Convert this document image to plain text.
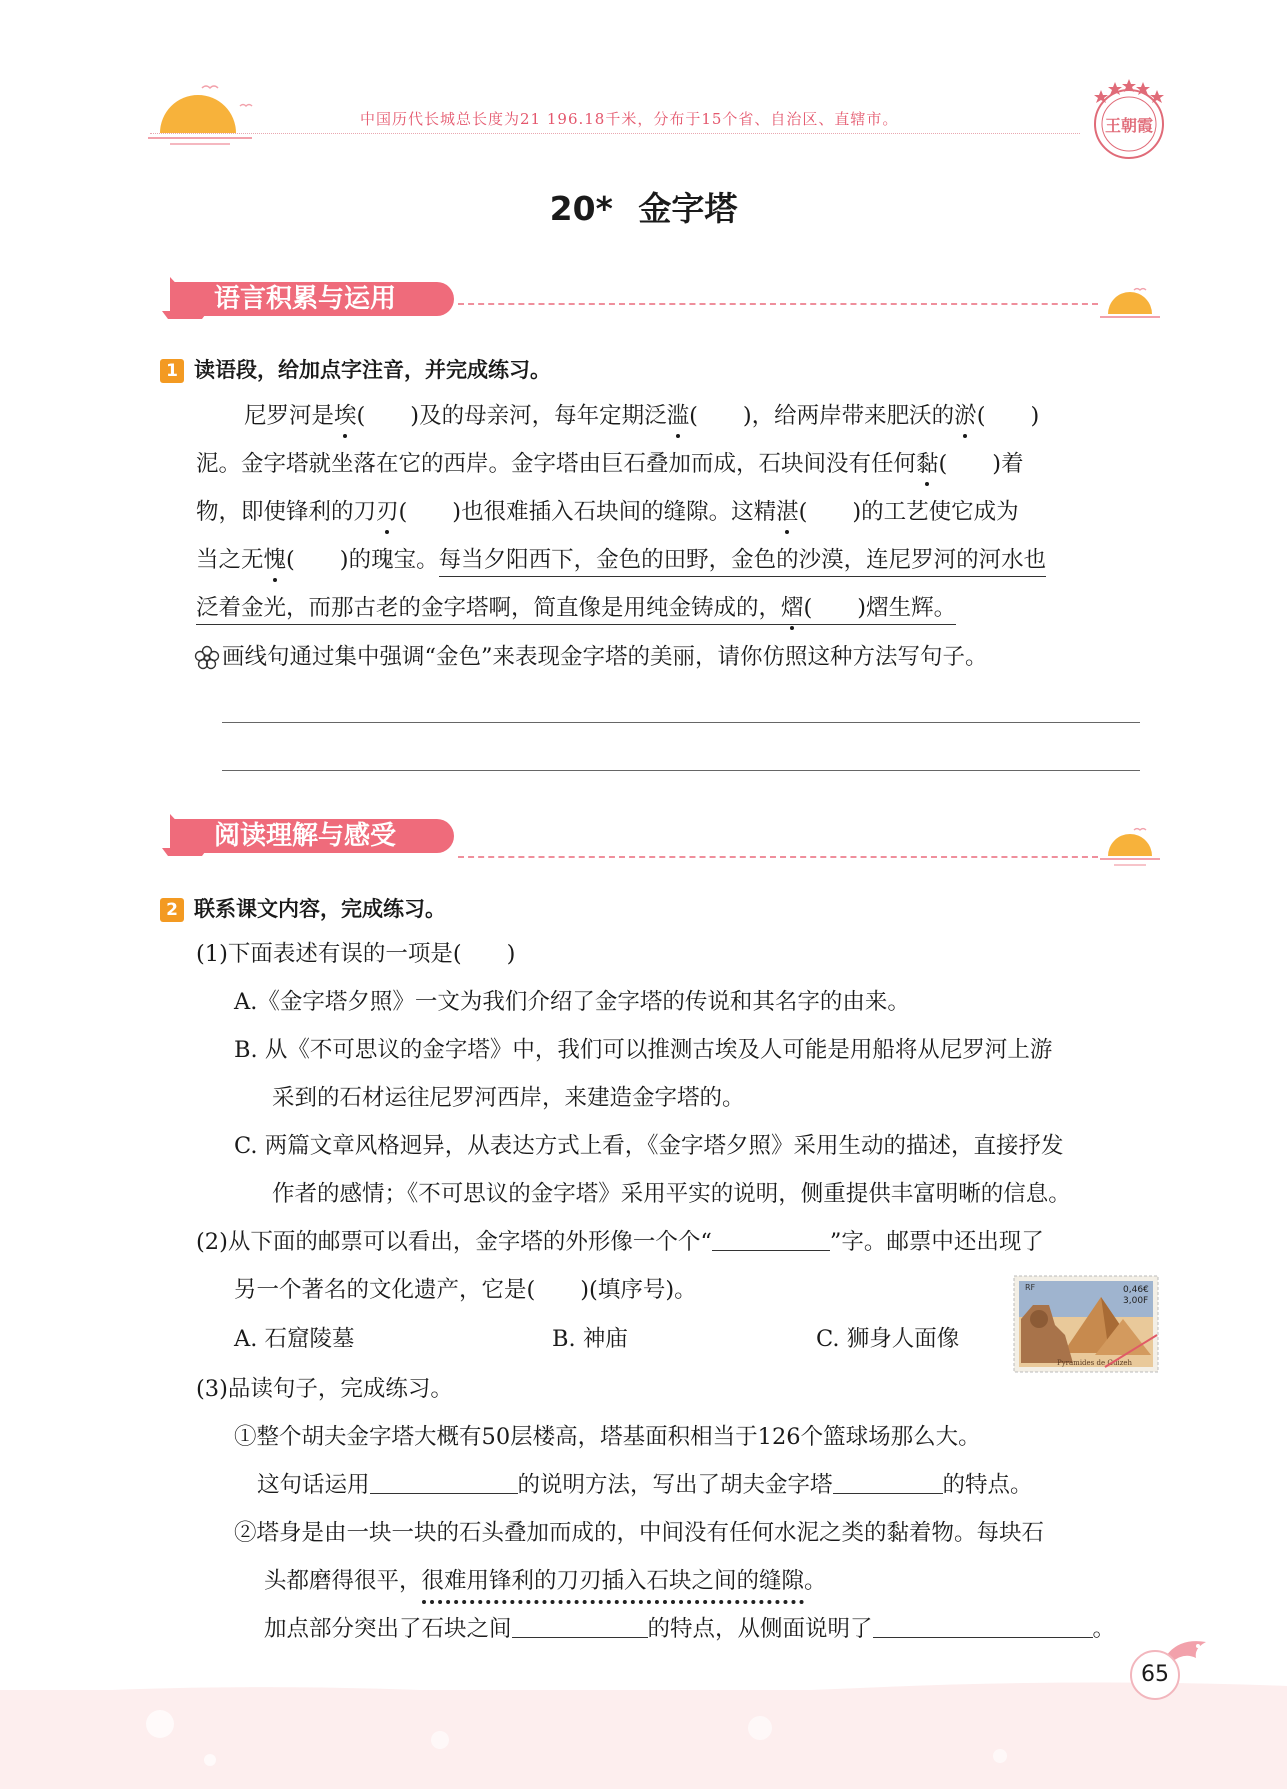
中国历代长城总长度为21 196.18千米，分布于15个省、自治区、直辖市。	王朝霞
20* 金字塔
语言积累与运用
1 读语段，给加点字注音，并完成练习。
尼罗河是埃(　　)及的母亲河，每年定期泛滥(　　)，给两岸带来肥沃的淤(　　)
泥。金字塔就坐落在它的西岸。金字塔由巨石叠加而成，石块间没有任何黏(　　)着
物，即使锋利的刀刃(　　)也很难插入石块间的缝隙。这精湛(　　)的工艺使它成为
当之无愧(　　)的瑰宝。每当夕阳西下，金色的田野，金色的沙漠，连尼罗河的河水也
泛着金光，而那古老的金字塔啊，简直像是用纯金铸成的，熠(　　)熠生辉。
画线句通过集中强调“金色”来表现金字塔的美丽，请你仿照这种方法写句子。
阅读理解与感受
2 联系课文内容，完成练习。
(1)下面表述有误的一项是(　　)
A.《金字塔夕照》一文为我们介绍了金字塔的传说和其名字的由来。
B. 从《不可思议的金字塔》中，我们可以推测古埃及人可能是用船将从尼罗河上游
采到的石材运往尼罗河西岸，来建造金字塔的。
C. 两篇文章风格迥异，从表达方式上看，《金字塔夕照》采用生动的描述，直接抒发
作者的感情；《不可思议的金字塔》采用平实的说明，侧重提供丰富明晰的信息。
(2)从下面的邮票可以看出，金字塔的外形像一个个“	”字。邮票中还出现了
另一个著名的文化遗产，它是(　　)(填序号)。
A. 石窟陵墓	B. 神庙	C. 狮身人面像
RF	0,46€
3,00F
Pyramides de Guizeh
(3)品读句子，完成练习。
①整个胡夫金字塔大概有50层楼高，塔基面积相当于126个篮球场那么大。
这句话运用	的说明方法，写出了胡夫金字塔	的特点。
②塔身是由一块一块的石头叠加而成的，中间没有任何水泥之类的黏着物。每块石
头都磨得很平，很难用锋利的刀刃插入石块之间的缝隙。
加点部分突出了石块之间	的特点，从侧面说明了	。
65
